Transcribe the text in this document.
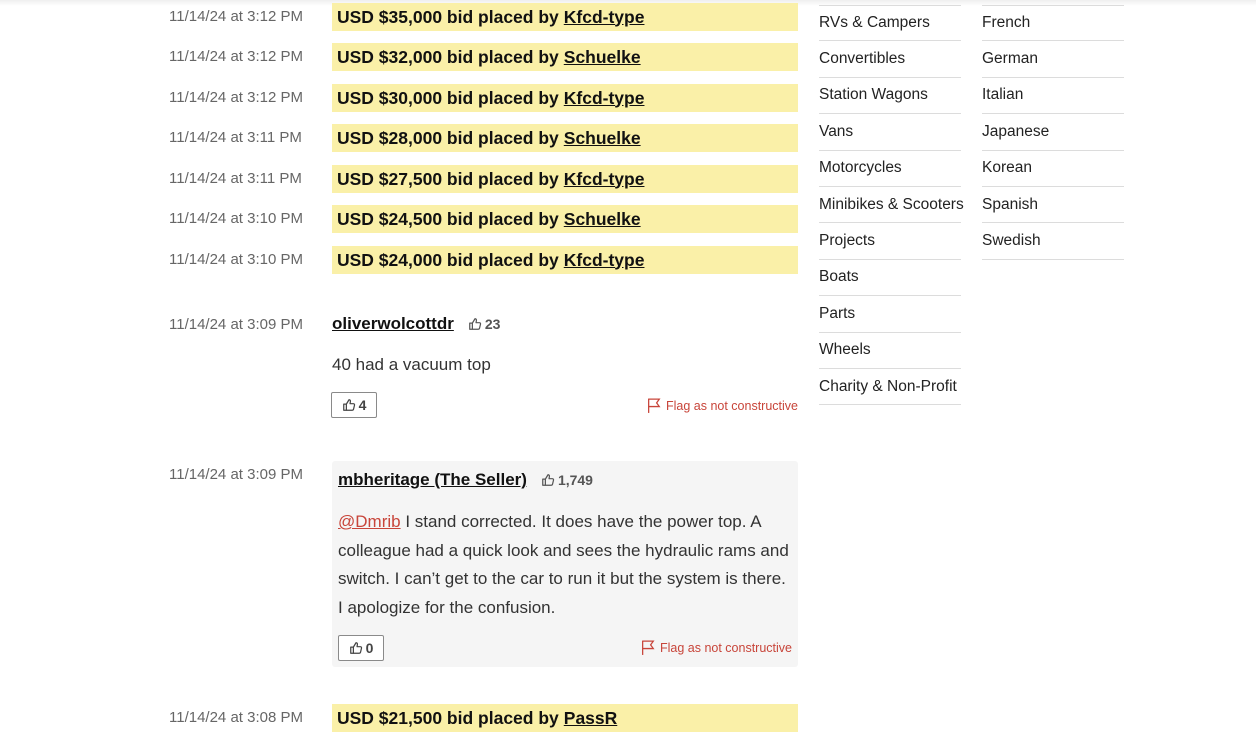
11/14/24 at 3:12 PM USD $35,000 bid placed by Kfcd-type
11/14/24 at 3:12 PM USD $32,000 bid placed by Schuelke
11/14/24 at 3:12 PM USD $30,000 bid placed by Kfcd-type
11/14/24 at 3:11 PM USD $28,000 bid placed by Schuelke
11/14/24 at 3:11 PM USD $27,500 bid placed by Kfcd-type
11/14/24 at 3:10 PM USD $24,500 bid placed by Schuelke
11/14/24 at 3:10 PM USD $24,000 bid placed by Kfcd-type
11/14/24 at 3:09 PM oliverwolcottdr 23
40 had a vacuum top
4	Flag as not constructive
11/14/24 at 3:09 PM mbheritage (The Seller) 1,749
@Dmrib I stand corrected. It does have the power top. A colleague had a quick look and sees the hydraulic rams and switch. I can’t get to the car to run it but the system is there. I apologize for the confusion.
0	Flag as not constructive
11/14/24 at 3:08 PM USD $21,500 bid placed by PassR
RVs & Campers
Convertibles
Station Wagons
Vans
Motorcycles
Minibikes & Scooters
Projects
Boats
Parts
Wheels
Charity & Non-Profit
French
German
Italian
Japanese
Korean
Spanish
Swedish
